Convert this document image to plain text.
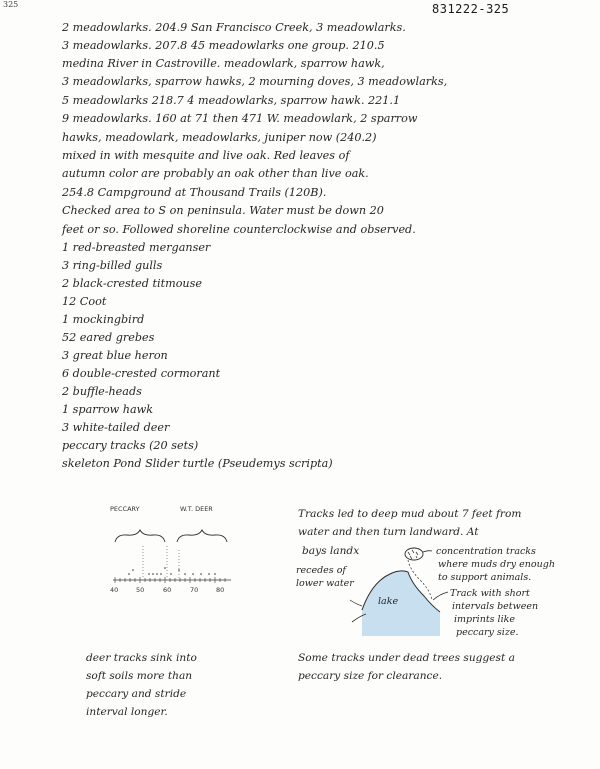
325	831222-325
2 meadowlarks. 204.9 San Francisco Creek, 3 meadowlarks.
3 meadowlarks. 207.8 45 meadowlarks one group. 210.5
medina River in Castroville. meadowlark, sparrow hawk,
3 meadowlarks, sparrow hawks, 2 mourning doves, 3 meadowlarks,
5 meadowlarks 218.7 4 meadowlarks, sparrow hawk. 221.1
9 meadowlarks. 160 at 71 then 471 W. meadowlark, 2 sparrow
hawks, meadowlark, meadowlarks, juniper now (240.2)
mixed in with mesquite and live oak. Red leaves of
autumn color are probably an oak other than live oak.
254.8 Campground at Thousand Trails (120B).
Checked area to S on peninsula. Water must be down 20
feet or so. Followed shoreline counterclockwise and observed.
1 red-breasted merganser
3 ring-billed gulls
2 black-crested titmouse
12 Coot
1 mockingbird
52 eared grebes
3 great blue heron
6 double-crested cormorant
2 buffle-heads
1 sparrow hawk
3 white-tailed deer
peccary tracks (20 sets)
skeleton Pond Slider turtle (Pseudemys scripta)
PECCARY	W.T. DEER
40	50	60	70	80
Tracks led to deep mud about 7 feet from
water and then turn landward. At
bays landx
recedes of
lower water
lake
concentration tracks
where muds dry enough
to support animals.
Track with short
intervals between
imprints like
peccary size.
deer tracks sink into
soft soils more than
peccary and stride
interval longer.
Some tracks under dead trees suggest a
peccary size for clearance.
